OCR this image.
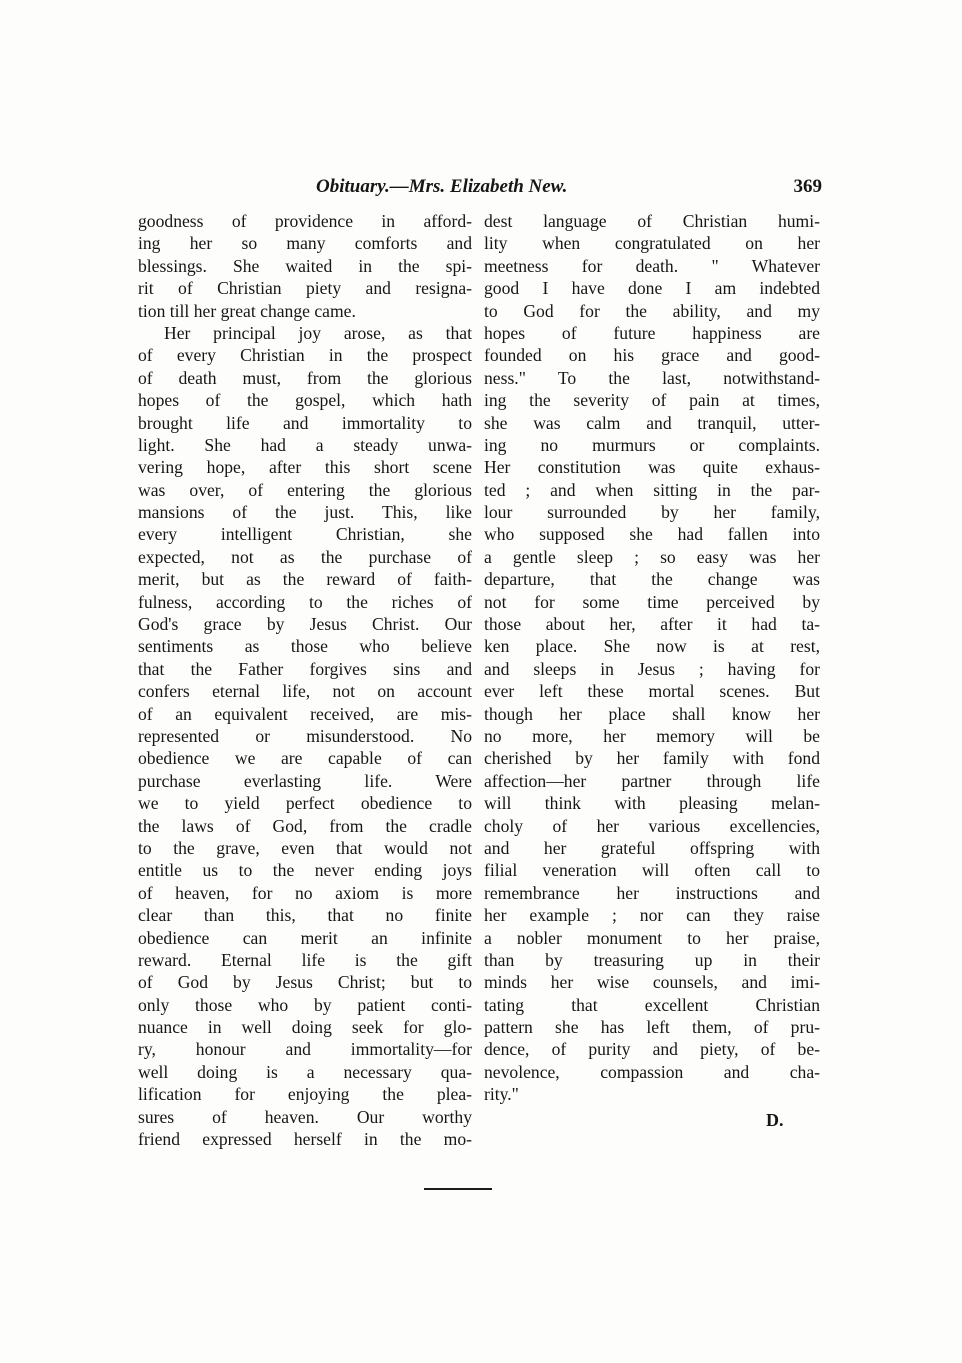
Obituary.—Mrs. Elizabeth New.	369
goodness of providence in afford-
ing her so many comforts and
blessings. She waited in the spi-
rit of Christian piety and resigna-
tion till her great change came.
Her principal joy arose, as that
of every Christian in the prospect
of death must, from the glorious
hopes of the gospel, which hath
brought life and immortality to
light. She had a steady unwa-
vering hope, after this short scene
was over, of entering the glorious
mansions of the just. This, like
every intelligent Christian, she
expected, not as the purchase of
merit, but as the reward of faith-
fulness, according to the riches of
God's grace by Jesus Christ. Our
sentiments as those who believe
that the Father forgives sins and
confers eternal life, not on account
of an equivalent received, are mis-
represented or misunderstood. No
obedience we are capable of can
purchase everlasting life. Were
we to yield perfect obedience to
the laws of God, from the cradle
to the grave, even that would not
entitle us to the never ending joys
of heaven, for no axiom is more
clear than this, that no finite
obedience can merit an infinite
reward. Eternal life is the gift
of God by Jesus Christ; but to
only those who by patient conti-
nuance in well doing seek for glo-
ry, honour and immortality—for
well doing is a necessary qua-
lification for enjoying the plea-
sures of heaven. Our worthy
friend expressed herself in the mo-
dest language of Christian humi-
lity when congratulated on her
meetness for death. " Whatever
good I have done I am indebted
to God for the ability, and my
hopes of future happiness are
founded on his grace and good-
ness." To the last, notwithstand-
ing the severity of pain at times,
she was calm and tranquil, utter-
ing no murmurs or complaints.
Her constitution was quite exhaus-
ted ; and when sitting in the par-
lour surrounded by her family,
who supposed she had fallen into
a gentle sleep ; so easy was her
departure, that the change was
not for some time perceived by
those about her, after it had ta-
ken place. She now is at rest,
and sleeps in Jesus ; having for
ever left these mortal scenes. But
though her place shall know her
no more, her memory will be
cherished by her family with fond
affection—her partner through life
will think with pleasing melan-
choly of her various excellencies,
and her grateful offspring with
filial veneration will often call to
remembrance her instructions and
her example ; nor can they raise
a nobler monument to her praise,
than by treasuring up in their
minds her wise counsels, and imi-
tating that excellent Christian
pattern she has left them, of pru-
dence, of purity and piety, of be-
nevolence, compassion and cha-
rity."
D.
